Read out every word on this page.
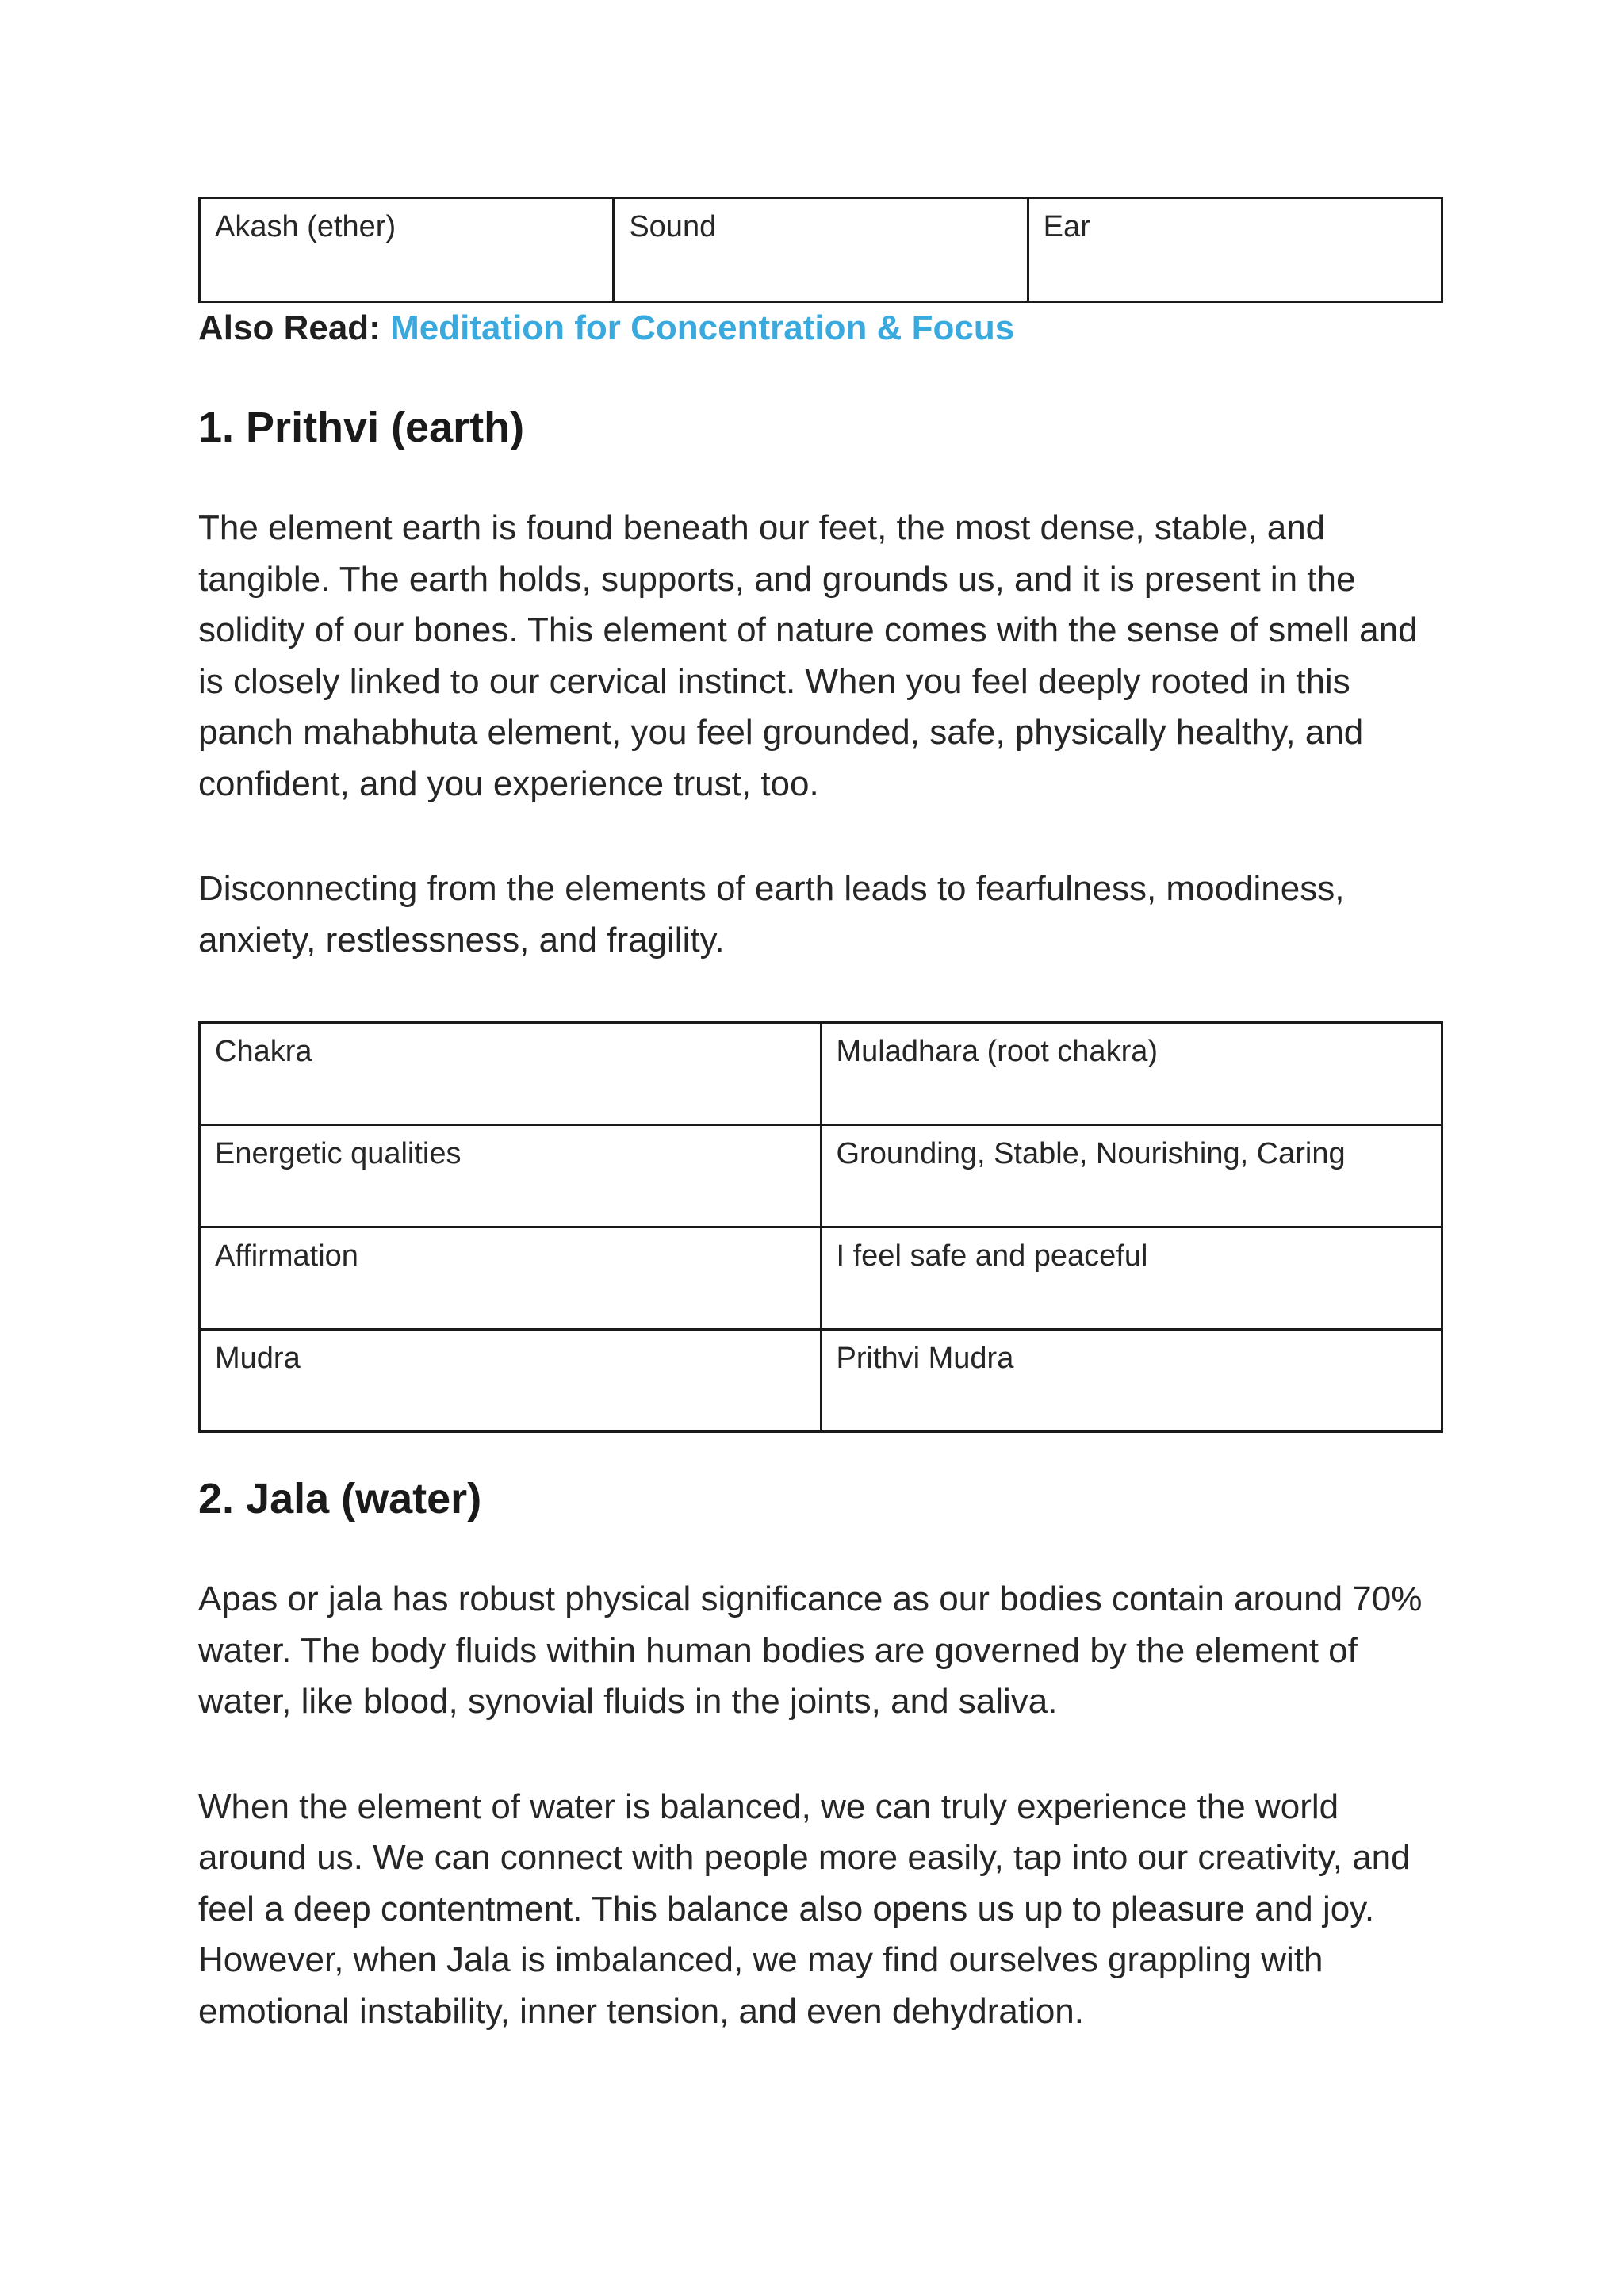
Akash (ether)	Sound	Ear
Also Read: Meditation for Concentration & Focus
1. Prithvi (earth)

The element earth is found beneath our feet, the most dense, stable, and tangible. The earth holds, supports, and grounds us, and it is present in the solidity of our bones. This element of nature comes with the sense of smell and is closely linked to our cervical instinct. When you feel deeply rooted in this panch mahabhuta element, you feel grounded, safe, physically healthy, and confident, and you experience trust, too.

Disconnecting from the elements of earth leads to fearfulness, moodiness, anxiety, restlessness, and fragility.

Chakra	Muladhara (root chakra)
Energetic qualities	Grounding, Stable, Nourishing, Caring
Affirmation	I feel safe and peaceful
Mudra	Prithvi Mudra
2. Jala (water)

Apas or jala has robust physical significance as our bodies contain around 70% water. The body fluids within human bodies are governed by the element of water, like blood, synovial fluids in the joints, and saliva.

When the element of water is balanced, we can truly experience the world around us. We can connect with people more easily, tap into our creativity, and feel a deep contentment. This balance also opens us up to pleasure and joy. However, when Jala is imbalanced, we may find ourselves grappling with emotional instability, inner tension, and even dehydration.
